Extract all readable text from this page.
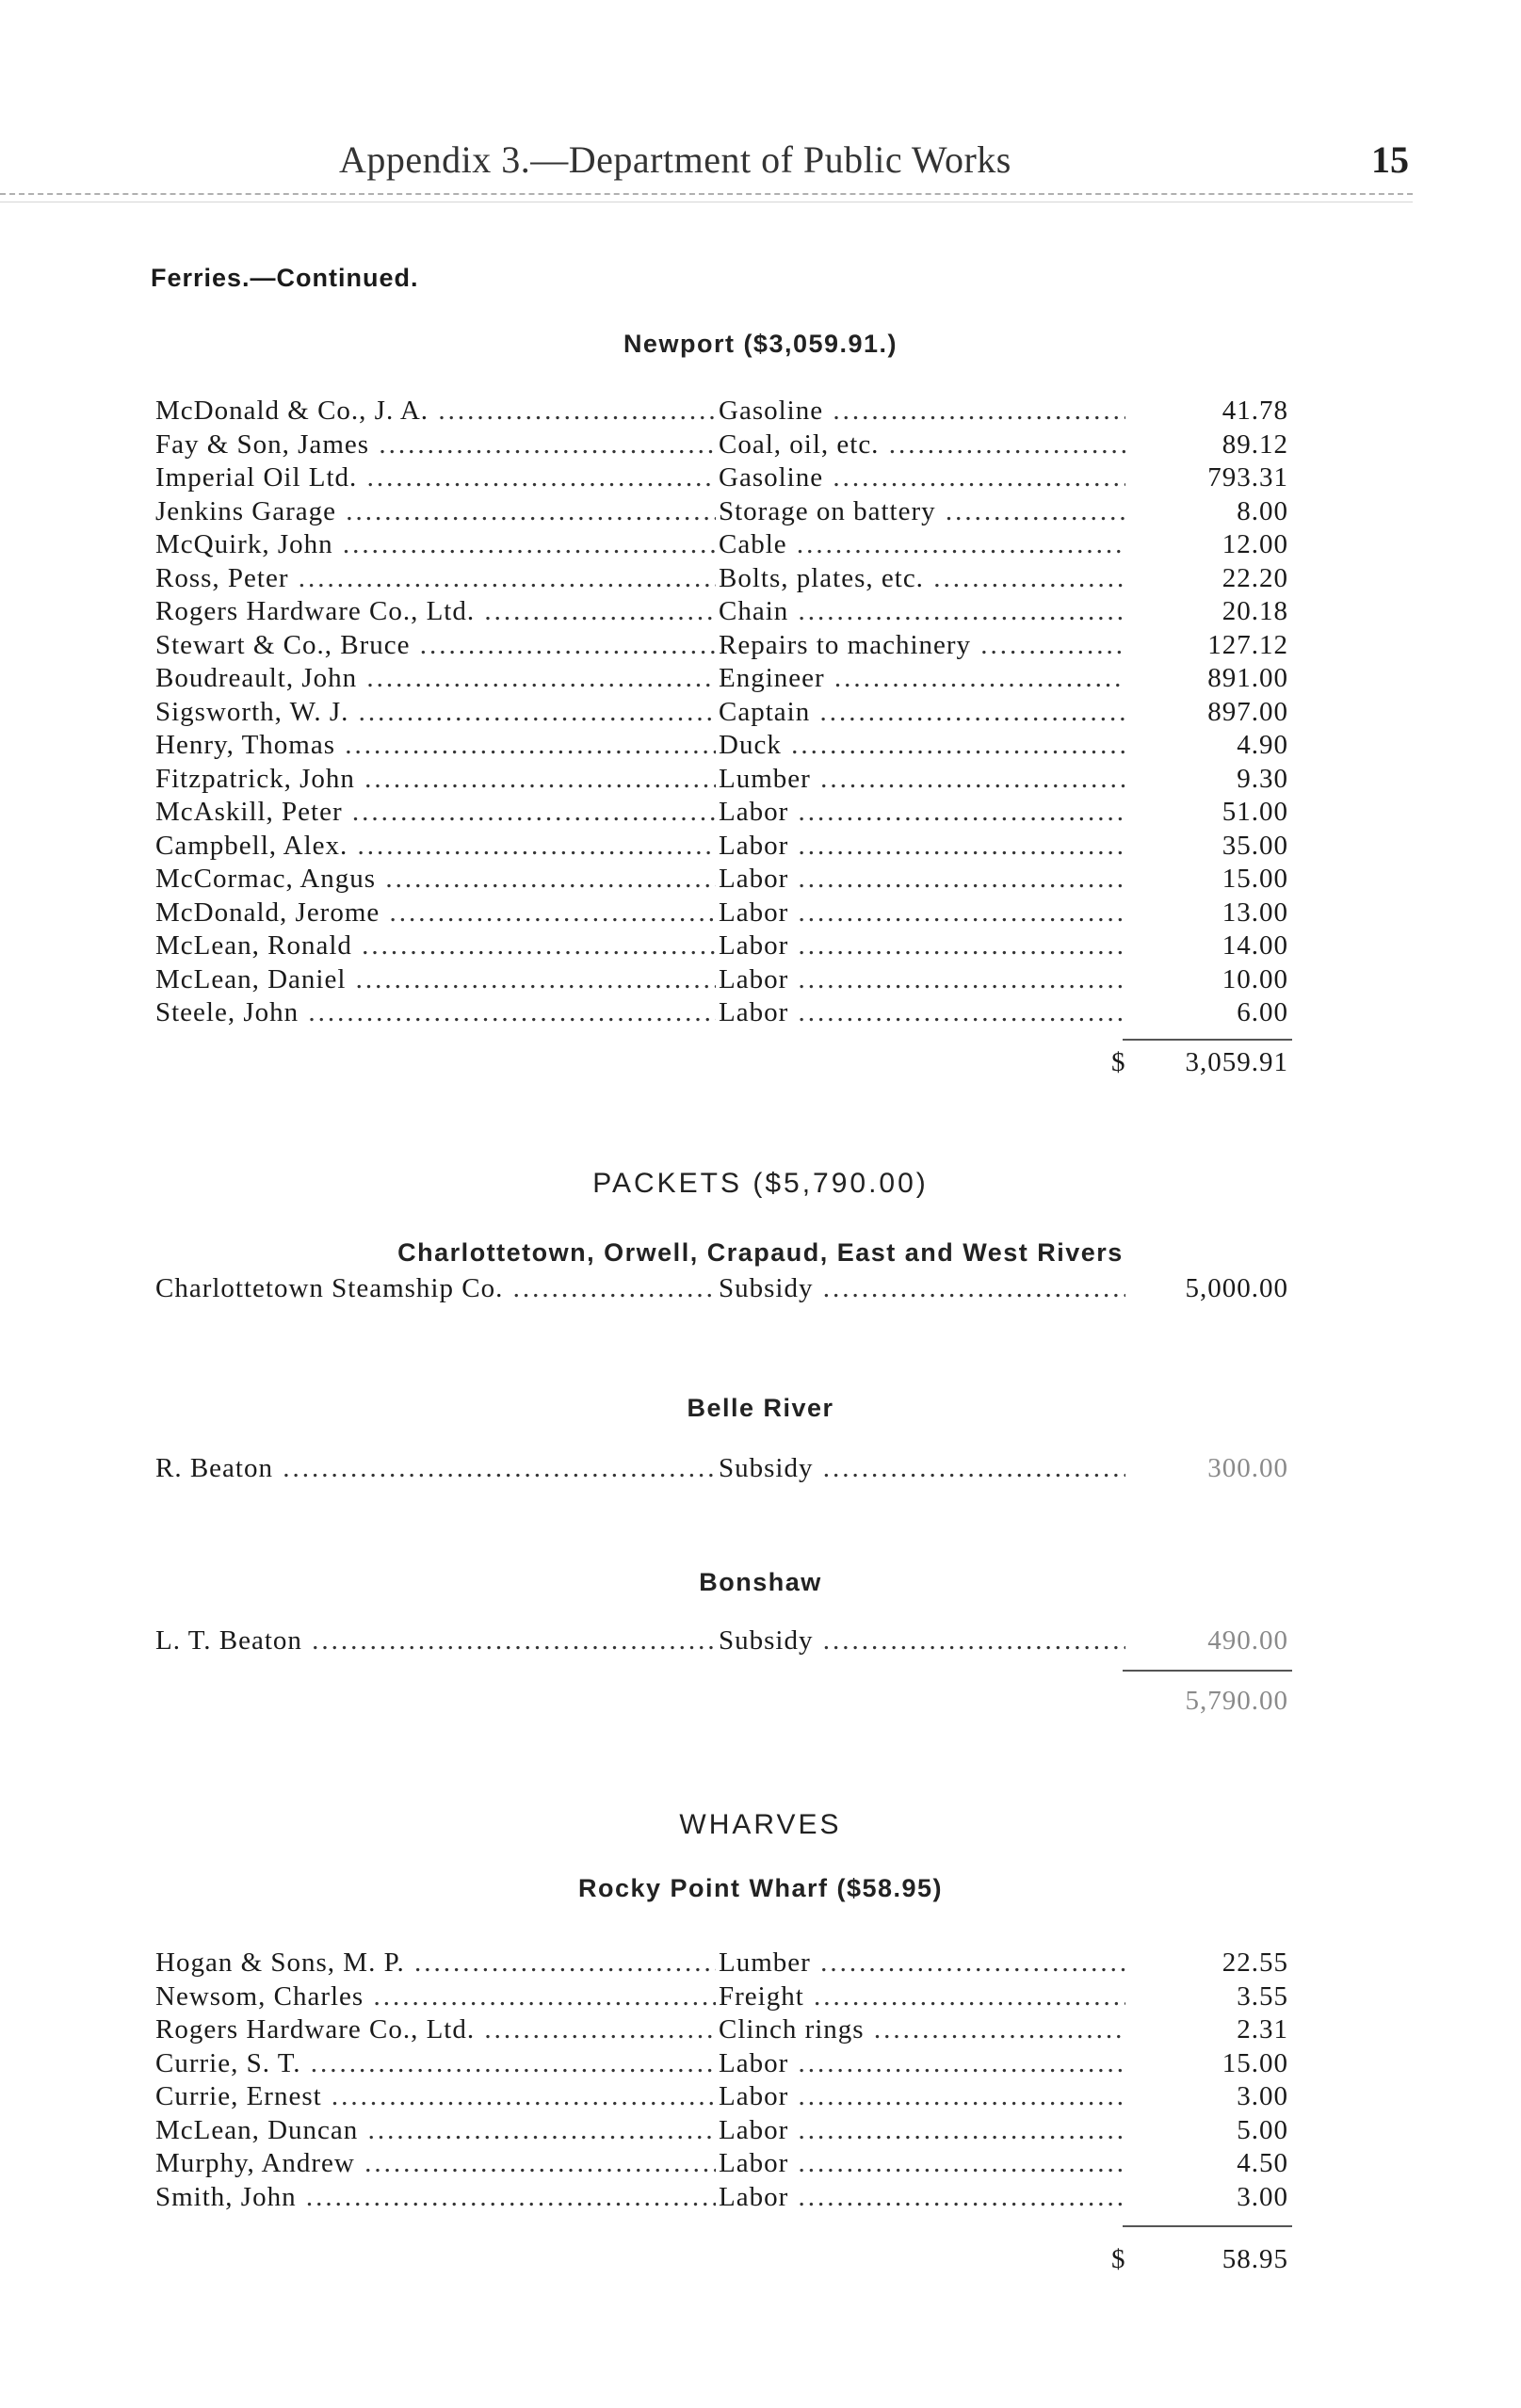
Appendix 3.—Department of Public Works	15
Ferries.—Continued.
Newport ($3,059.91.)
McDonald & Co., J. A. .....	Gasoline .....	41.78
Fay & Son, James .....	Coal, oil, etc. .....	89.12
Imperial Oil Ltd. .....	Gasoline .....	793.31
Jenkins Garage .....	Storage on battery .....	8.00
McQuirk, John .....	Cable .....	12.00
Ross, Peter .....	Bolts, plates, etc. .....	22.20
Rogers Hardware Co., Ltd. .....	Chain .....	20.18
Stewart & Co., Bruce .....	Repairs to machinery .....	127.12
Boudreault, John .....	Engineer .....	891.00
Sigsworth, W. J. .....	Captain .....	897.00
Henry, Thomas .....	Duck .....	4.90
Fitzpatrick, John .....	Lumber .....	9.30
McAskill, Peter .....	Labor .....	51.00
Campbell, Alex. .....	Labor .....	35.00
McCormac, Angus .....	Labor .....	15.00
McDonald, Jerome .....	Labor .....	13.00
McLean, Ronald .....	Labor .....	14.00
McLean, Daniel .....	Labor .....	10.00
Steele, John .....	Labor .....	6.00
$ 3,059.91
PACKETS ($5,790.00)
Charlottetown, Orwell, Crapaud, East and West Rivers
Charlottetown Steamship Co. .....	Subsidy .....	5,000.00
Belle River
R. Beaton .....	Subsidy .....	300.00
Bonshaw
L. T. Beaton .....	Subsidy .....	490.00
5,790.00
WHARVES
Rocky Point Wharf ($58.95)
Hogan & Sons, M. P. .....	Lumber .....	22.55
Newsom, Charles .....	Freight .....	3.55
Rogers Hardware Co., Ltd. .....	Clinch rings .....	2.31
Currie, S. T. .....	Labor .....	15.00
Currie, Ernest .....	Labor .....	3.00
McLean, Duncan .....	Labor .....	5.00
Murphy, Andrew .....	Labor .....	4.50
Smith, John .....	Labor .....	3.00
$	58.95
